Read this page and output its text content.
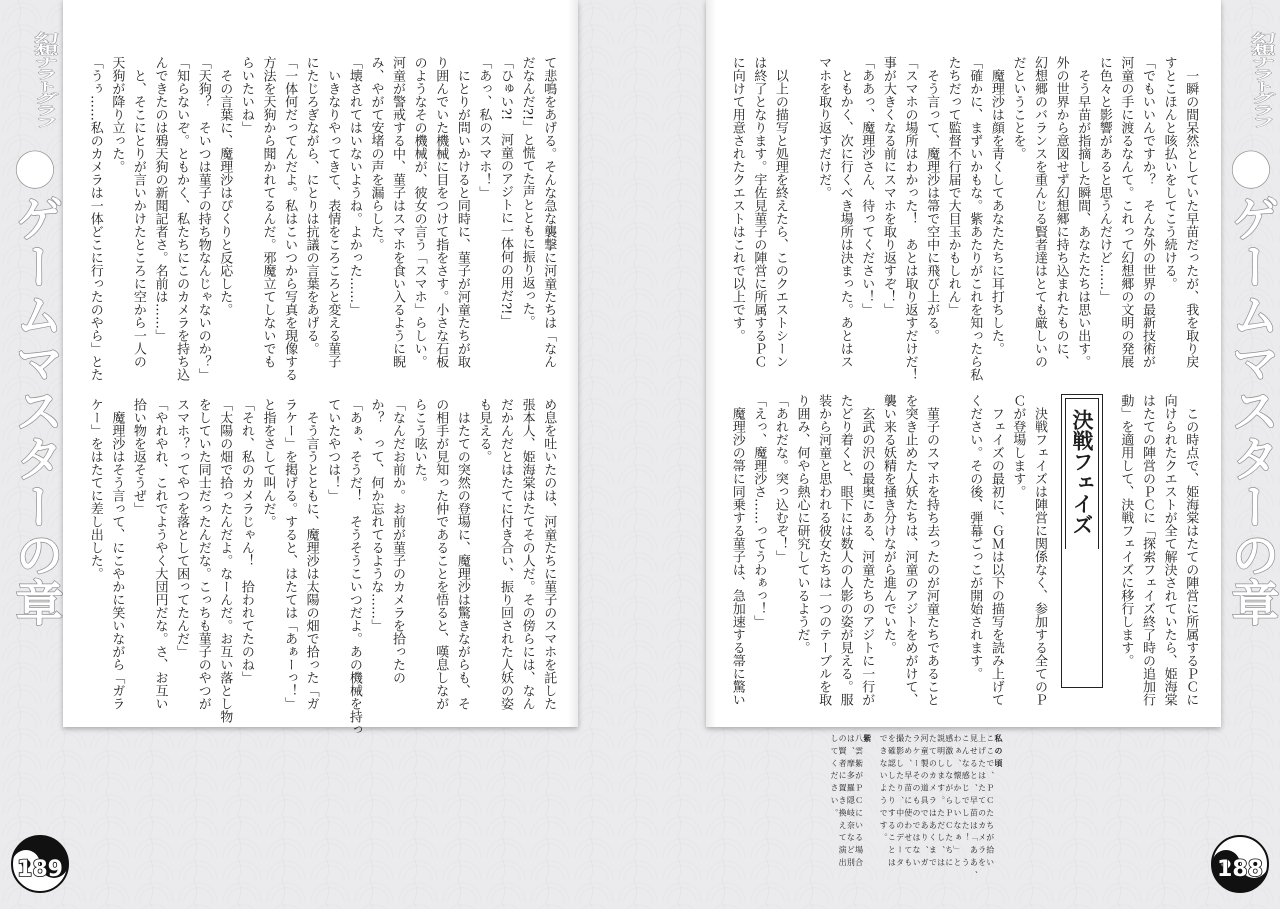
幻想ナラトグラフ
●ゲームマスターの章
幻想ナラトグラフ
●ゲームマスターの章
て悲鳴をあげる。そんな急な襲撃に河童たちは「なん
だなんだ?!」と慌てた声とともに振り返った。
「ひゅい?!　河童のアジトに一体何の用だ?!」
「あっ、私のスマホ！」
　にとりが問いかけると同時に、菫子が河童たちが取
り囲んでいた機械に目をつけて指をさす。小さな石板
のようなその機械が、彼女の言う「スマホ」らしい。
河童が警戒する中、菫子はスマホを食い入るように睨
み、やがて安堵の声を漏らした。
「壊されてはいないようね。よかった……」
　いきなりやってきて、表情をころころと変える菫子
にたじろぎながら、にとりは抗議の言葉をあげる。
「一体何だってんだよ。私はこいつから写真を現像する
方法を天狗から聞かれてるんだ。邪魔立てしないでも
らいたいね」
　その言葉に、魔理沙はぴくりと反応した。
「天狗？　そいつは菫子の持ち物なんじゃないのか？」
「知らないぞ。ともかく、私たちにこのカメラを持ち込
んできたのは鴉天狗の新聞記者さ。名前は……」
　と、そこにとりが言いかけたところに空から一人の
天狗が降り立った。
「うぅ……私のカメラは一体どこに行ったのやら」とた
め息を吐いたのは、河童たちに菫子のスマホを託した
張本人、姫海棠はたてその人だ。その傍らには、なん
だかんだとはたてに付き合い、振り回された人妖の姿
も見える。
　はたての突然の登場に、魔理沙は驚きながらも、そ
の相手が見知った仲であることを悟ると、嘆息しなが
らこう呟いた。
「なんだお前か。お前が菫子のカメラを拾ったの
か？　って、何か忘れてるような……」
「あぁ、そうだ！　そうそうこいつだよ。あの機械を持っ
ていたやつは！」
　そう言うとともに、魔理沙は太陽の畑で拾った「ガ
ラケー」を掲げる。すると、はたては「あぁーっ！」
と指をさして叫んだ。
「それ、私のカメラじゃん！　拾われてたのね」
「太陽の畑で拾ったんだよ。なーんだ。お互い落とし物
をしていた同士だったんだな。こっちも菫子のやつが
スマホ？ってやつを落として困ってたんだ」
「やれやれ、これでようやく大団円だな。さ、お互い
拾い物を返そうぜ」
　魔理沙はそう言って、にこやかに笑いながら「ガラ
ケー」をはたてに差し出した。
　一瞬の間呆然としていた早苗だったが、我を取り戻
すとこほんと咳払いをしてこう続ける。
「でもいいんですか？　そんな外の世界の最新技術が
河童の手に渡るなんて。これって幻想郷の文明の発展
に色々と影響があると思うんだけど……」
　そう早苗が指摘した瞬間、あなたたちは思い出す。
外の世界から意図せず幻想郷に持ち込まれたものに、
幻想郷のバランスを重んじる賢者達はとても厳しいの
だということを。
　魔理沙は顔を青くしてあなたたちに耳打ちした。
「確かに、まずいかもな。紫あたりがこれを知ったら私
たちだって監督不行届で大目玉かもしれん」
　そう言って、魔理沙は箒で空中に飛び上がる。
「スマホの場所はわかった！　あとは取り返すだけだ！
事が大きくなる前にスマホを取り返すぞ！」
「ああっ、魔理沙さん、待ってください！」
　ともかく、次に行くべき場所は決まった。あとはス
マホを取り返すだけだ。
　以上の描写と処理を終えたら、このクエストシーン
は終了となります。宇佐見菫子の陣営に所属するＰＣ
に向けて用意されたクエストはこれで以上です。
　この時点で、姫海棠はたての陣営に所属するＰＣに
向けられたクエストが全て解決されていたら、姫海棠
はたての陣営のＰＣに「探索フェイズ終了時の追加行
動」を適用して、決戦フェイズに移行します。
決戦フェイズ
　決戦フェイズは陣営に関係なく、参加する全てのＰ
Ｃが登場します。
　フェイズの最初に、ＧＭは以下の描写を読み上げて
ください。その後、弾幕ごっこが開始されます。
　菫子のスマホを持ち去ったのが河童たちであること
を突き止めた人妖たちは、河童のアジトをめがけて、
襲い来る妖精を掻き分けながら進んでいた。
　玄武の沢の最奥にある、河童たちのアジトに一行が
たどり着くと、眼下には数人の人影の姿が見える。服
装から河童と思われる彼女たちは一つのテーブルを取
り囲み、何やら熱心に研究しているようだ。
「あれだな。突っ込むぞ！」
「えっ、魔理沙さ……ってうわぁっ！」
　魔理沙の箒に同乗する菫子は、急加速する箒に驚い
私の頃
ここで、ＰＣたちが拾い
上げたはたてのカメラを
見せると、早苗は「ああ、
こんな感じでした！　う
わぁ、懐かしいなぁ」と
感激しながらＰＣたちに
説明します。ただし、は
たてのカメラはあくまで
河童製の道具であり、ガ
ラケーそのものではない
ため、早苗に使わせても
撮影したり、中のデータ
を確認したりすることは
できないようです。
紫
八雲紫がＰＣにいる場合
は、摩多羅隠岐奈など別
の賢者に置き換えて演出
してください。
189	188
